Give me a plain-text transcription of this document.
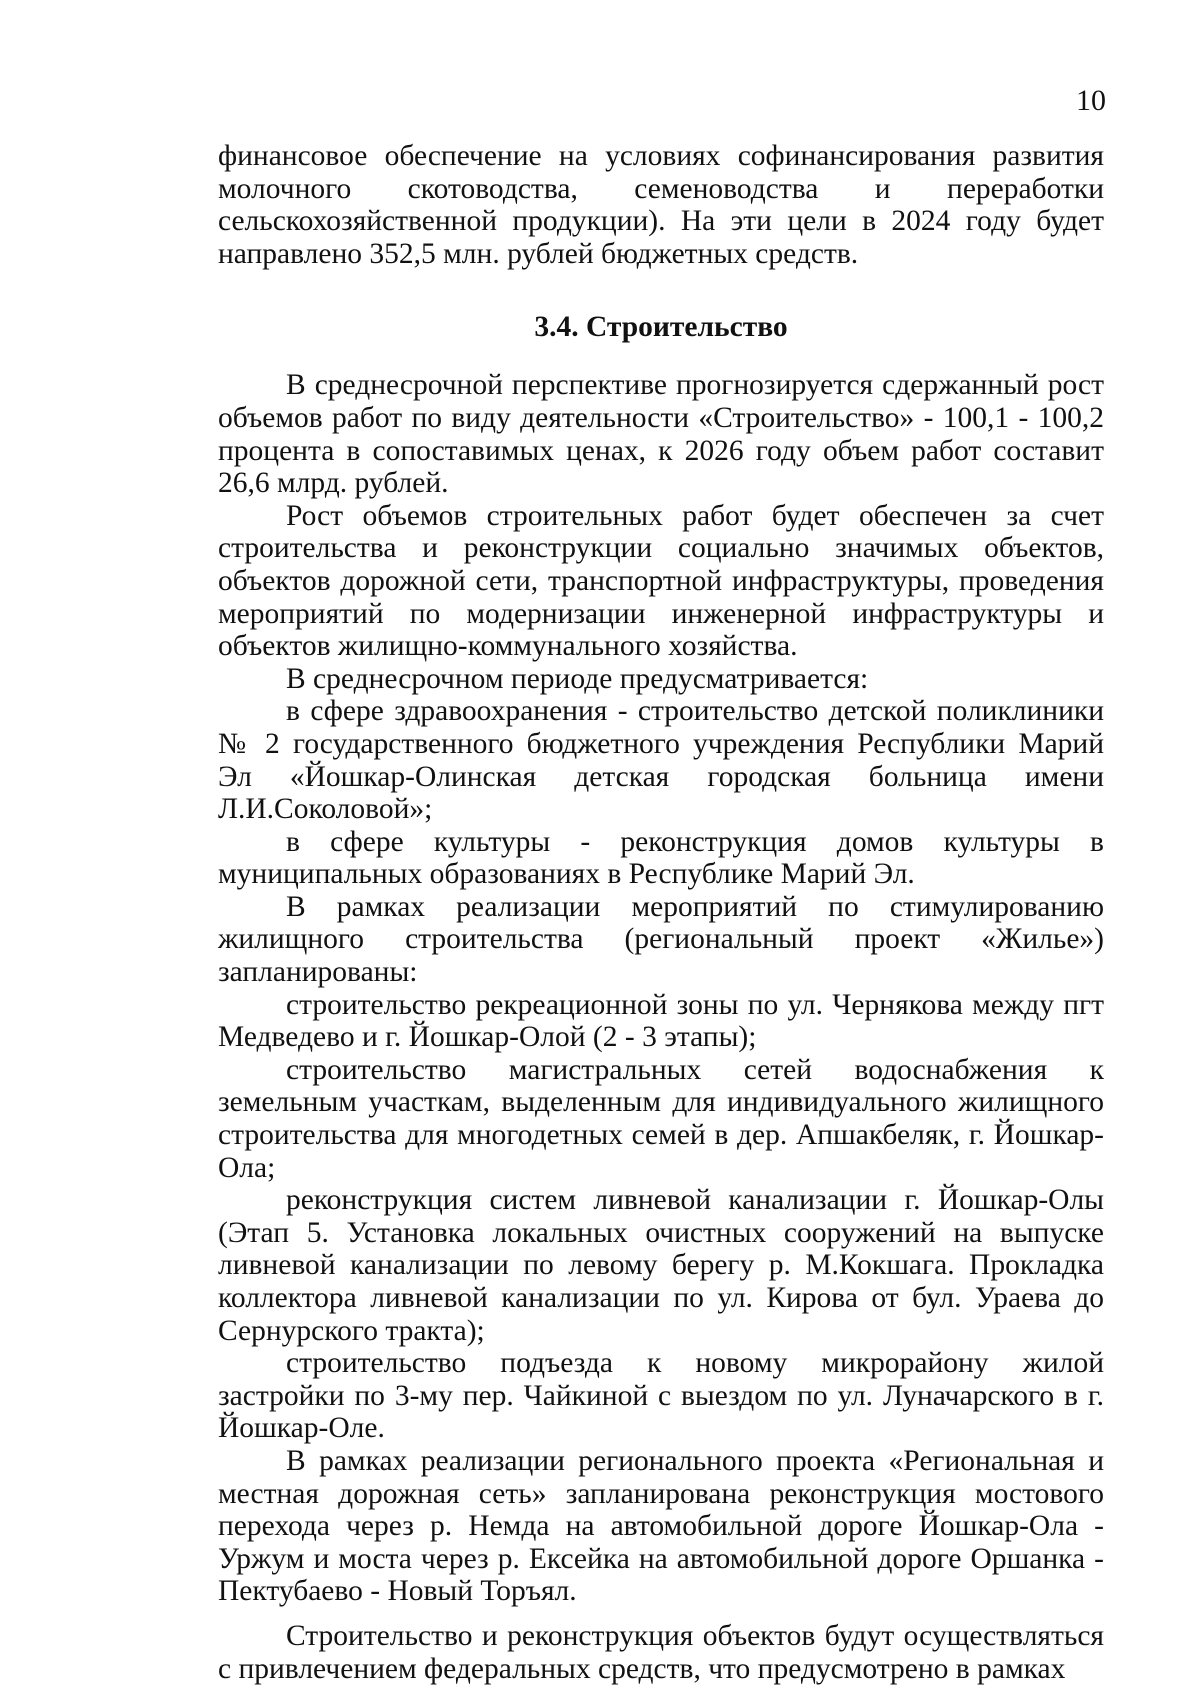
10

финансовое обеспечение на условиях софинансирования развития молочного скотоводства, семеноводства и переработки сельскохозяйственной продукции). На эти цели в 2024 году будет направлено 352,5 млн. рублей бюджетных средств.

3.4. Строительство

В среднесрочной перспективе прогнозируется сдержанный рост объемов работ по виду деятельности «Строительство» - 100,1 - 100,2 процента в сопоставимых ценах, к 2026 году объем работ составит 26,6 млрд. рублей.

Рост объемов строительных работ будет обеспечен за счет строительства и реконструкции социально значимых объектов, объектов дорожной сети, транспортной инфраструктуры, проведения мероприятий по модернизации инженерной инфраструктуры и объектов жилищно-коммунального хозяйства.

В среднесрочном периоде предусматривается:

в сфере здравоохранения - строительство детской поликлиники № 2 государственного бюджетного учреждения Республики Марий Эл «Йошкар-Олинская детская городская больница имени Л.И.Соколовой»;

в сфере культуры - реконструкция домов культуры в муниципальных образованиях в Республике Марий Эл.

В рамках реализации мероприятий по стимулированию жилищного строительства (региональный проект «Жилье») запланированы:

строительство рекреационной зоны по ул. Чернякова между пгт Медведево и г. Йошкар-Олой (2 - 3 этапы);

строительство магистральных сетей водоснабжения к земельным участкам, выделенным для индивидуального жилищного строительства для многодетных семей в дер. Апшакбеляк, г. Йошкар-Ола;

реконструкция систем ливневой канализации г. Йошкар-Олы (Этап 5. Установка локальных очистных сооружений на выпуске ливневой канализации по левому берегу р. М.Кокшага. Прокладка коллектора ливневой канализации по ул. Кирова от бул. Ураева до Сернурского тракта);

строительство подъезда к новому микрорайону жилой застройки по 3-му пер. Чайкиной с выездом по ул. Луначарского в г. Йошкар-Оле.

В рамках реализации регионального проекта «Региональная и местная дорожная сеть» запланирована реконструкция мостового перехода через р. Немда на автомобильной дороге Йошкар-Ола - Уржум и моста через р. Ексейка на автомобильной дороге Оршанка - Пектубаево - Новый Торъял.

Строительство и реконструкция объектов будут осуществляться с привлечением федеральных средств, что предусмотрено в рамках
